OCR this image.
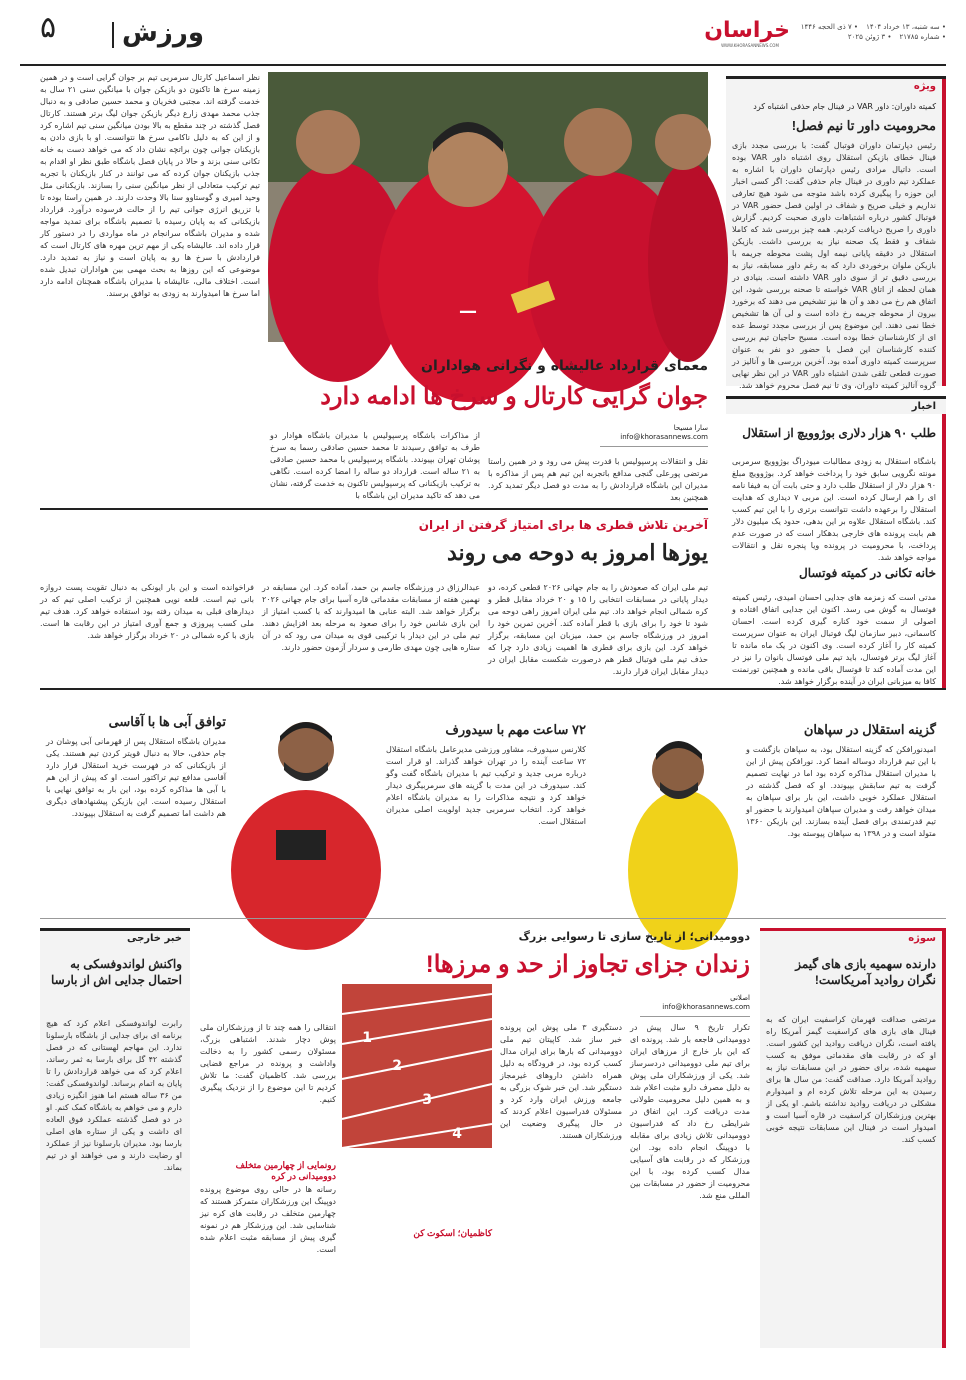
۵	ورزش	خراسان
WWW.KHORASANNEWS.COM
• سه شنبه، ۱۳ خرداد ۱۴۰۴
• ۷ ذی الحجه ۱۴۴۶
• شماره ۲۱۷۸۵
• ۳ ژوئن ۲۰۲۵
ویژه
کمیته داوران: داور VAR در فینال جام حذفی اشتباه کرد
محرومیت داور تا نیم فصل!
رئیس دپارتمان داوران فوتبال گفت: با بررسی مجدد بازی فینال خطای بازیکن استقلال روی اشتباه داور VAR بوده است. داتیال مرادی رئیس دپارتمان داوران با اشاره به عملکرد تیم داوری در فینال جام حذفی گفت: اگر کسی اخبار این حوزه را پیگیری کرده باشد متوجه می شود هیچ تعارفی نداریم و خیلی صریح و شفاف در اولین فصل حضور VAR در فوتبال کشور درباره اشتباهات داوری صحبت کردیم. گزارش داوری را صریح دریافت کردیم. همه چیز بررسی شد که کاملا شفاف و فقط یک صحنه نیاز به بررسی داشت. بازیکن استقلال در دقیقه پایانی نیمه اول پشت محوطه جریمه با بازیکن ملوان برخوردی دارد که به رغم داور مسابقه، نیاز به بررسی دقیق تر از سوی داور VAR داشته است. بنیادی در همان لحظه از اتاق VAR خواسته تا صحنه بررسی شود، این اتفاق هم رخ می دهد و آن ها نیز تشخیص می دهند که برخورد بیرون از محوطه جریمه رخ داده است و لی آن ها تشخیص خطا نمی دهند. این موضوع پس از بررسی مجدد توسط عده ای از کارشناسان خطا بوده است. مسیح حاجیان تیم بررسی کننده کارشناسان این فصل با حضور دو نفر به عنوان سرپرست کمیته داوری آمده بود. آخرین بررسی ها و آنالیز در صورت قطعی تلقی شدن اشتباه داور VAR در این نظر نهایی گروه آنالیز کمیته داوران، وی تا نیم فصل محروم خواهد شد.
اخبار
طلب ۹۰ هزار دلاری بوژوویچ از استقلال
باشگاه استقلال به زودی مطالبات میودراگ بوژوویچ سرمربی مونته نگرویی سابق خود را پرداخت خواهد کرد. بوژوویچ مبلغ ۹۰ هزار دلار از استقلال طلب دارد و حتی بابت آن به فیفا نامه ای را هم ارسال کرده است. این مربی ۷ دیداری که هدایت استقلال را برعهده داشت نتوانست برتری را با این تیم کسب کند. باشگاه استقلال علاوه بر این بدهی، حدود یک میلیون دلار هم بابت پرونده های خارجی بدهکار است که در صورت عدم پرداخت، با محرومیت در پرونده ویا پنجره نقل و انتقالات مواجه خواهد شد.
خانه تکانی در کمیته فوتسال
مدتی است که زمزمه های جدایی احسان امیدی، رئیس کمیته فوتسال به گوش می رسد. اکنون این جدایی اتفاق افتاده و اصولی از سمت خود کناره گیری کرده است. احسان کاسمانی، دبیر سازمان لیگ فوتبال ایران به عنوان سرپرست کمیته کار را آغاز کرده است. وی اکنون در یک ماه مانده تا آغاز لیگ برتر فوتسال، باید تیم ملی فوتسال بانوان را نیز در این مدت آماده کند تا فوتسال باقی مانده و همچنین تورنمنت کافا به میزبانی ایران در آینده برگزار خواهد شد.
—
معمای قرارداد عالیشاه و نگرانی هواداران
جوان گرایی کارتال و سرخ ها ادامه دارد
سارا مسیحا
info@khorasannews.com
نقل و انتقالات پرسپولیس با قدرت پیش می رود و در همین راستا مرتضی پورعلی گنجی مدافع باتجربه این تیم هم پس از مذاکره با مدیران این باشگاه قراردادش را به مدت دو فصل دیگر تمدید کرد. همچنین بعد
از مذاکرات باشگاه پرسپولیس با مدیران باشگاه هوادار دو طرف به توافق رسیدند تا محمد حسین صادقی رسما به سرخ پوشان تهران بپیوندد. باشگاه پرسپولیس با محمد حسین صادقی به ۲۱ ساله است. قرارداد دو ساله را امضا کرده است. نگاهی به ترکیب بازیکنانی که پرسپولیس تاکنون به خدمت گرفته، نشان می دهد که تاکید مدیران این باشگاه با
نظر اسماعیل کارتال سرمربی تیم بر جوان گرایی است و در همین زمینه سرخ ها تاکنون دو بازیکن جوان با میانگین سنی ۲۱ سال به خدمت گرفته اند. مجتبی فخریان و محمد حسین صادقی و به دنبال جذب محمد مهدی زارع دیگر بازیکن جوان لیگ برتر هستند. کارتال فصل گذشته در چند مقطع به بالا بودن میانگین سنی تیم اشاره کرد و از این که به دلیل ناکامی سرخ ها نتوانست. او با بازی دادن به بازیکنان جوانی چون براتچه نشان داد که می خواهد دست به خانه تکانی سنی بزند و حالا در پایان فصل باشگاه طبق نظر او اقدام به جذب بازیکنان جوان کرده که می توانند در کنار بازیکنان با تجربه تیم ترکیب متعادلی از نظر میانگین سنی را بسازند. بازیکنانی مثل وحید امیری و گوستاوو سنا بالا وحدت دارند. در همین راستا بوده تا با تزریق انرژی جوانی تیم را از حالت فرسوده درآورد. قرارداد بازیکنانی که به پایان رسیده با تصمیم باشگاه برای تمدید مواجه شده و مدیران باشگاه سرانجام در ماه مواردی را در دستور کار قرار داده اند. عالیشاه یکی از مهم ترین مهره های کارتال است که قراردادش با سرخ ها رو به پایان است و نیاز به تمدید دارد. موضوعی که این روزها به بحث مهمی بین هواداران تبدیل شده است. اختلاف مالی، عالیشاه با مدیران باشگاه همچنان ادامه دارد اما سرخ ها امیدوارند به زودی به توافق برسند.
آخرین تلاش قطری ها برای امتیاز گرفتن از ایران
یوزها امروز به دوحه می روند
تیم ملی ایران که صعودش را به جام جهانی ۲۰۲۶ قطعی کرده، دو دیدار پایانی در مسابقات انتخابی را ۱۵ و ۲۰ خرداد مقابل قطر و کره شمالی انجام خواهد داد. تیم ملی ایران امروز راهی دوحه می شود تا خود را برای بازی با قطر آماده کند. آخرین تمرین خود را امروز در ورزشگاه جاسم بن حمد، میزبان این مسابقه، برگزار خواهد کرد. این بازی برای قطری ها اهمیت زیادی دارد چرا که حذف تیم ملی فوتبال قطر هم درصورت شکست مقابل ایران در دیدار مقابل ایران قرار دارند.
عبدالرزاق در ورزشگاه جاسم بن حمد، آماده کرد. این مسابقه در نهمین هفته از مسابقات مقدماتی قاره آسیا برای جام جهانی ۲۰۲۶ برگزار خواهد شد. البته عنابی ها امیدوارند که با کسب امتیاز از این بازی شانس خود را برای صعود به مرحله بعد افزایش دهند. تیم ملی در این دیدار با ترکیبی قوی به میدان می رود که در آن ستاره هایی چون مهدی طارمی و سردار آزمون حضور دارند.
فراخوانده است و این بار ایونکی به دنبال تقویت پست دروازه بانی تیم است. قلعه نویی همچنین از ترکیب اصلی تیم که در دیدارهای قبلی به میدان رفته بود استفاده خواهد کرد. هدف تیم ملی کسب پیروزی و جمع آوری امتیاز در این رقابت ها است. بازی با کره شمالی در ۲۰ خرداد برگزار خواهد شد.
گزینه استقلال در سپاهان
امیدنورافکن که گزینه استقلال بود، به سپاهان بازگشت و با این تیم قرارداد دوساله امضا کرد. نورافکن پیش از این با مدیران استقلال مذاکره کرده بود اما در نهایت تصمیم گرفت به تیم سابقش بپیوندد. او که فصل گذشته در استقلال عملکرد خوبی داشت، این بار برای سپاهان به میدان خواهد رفت و مدیران سپاهان امیدوارند با حضور او تیم قدرتمندی برای فصل آینده بسازند. این بازیکن ۱۳۶۰ متولد است و در ۱۳۹۸ به سپاهان پیوسته بود.
۷۲ ساعت مهم با سیدورف
کلارنس سیدورف، مشاور ورزشی مدیرعامل باشگاه استقلال ۷۲ ساعت آینده را در تهران خواهد گذراند. او قرار است درباره مربی جدید و ترکیب تیم با مدیران باشگاه گفت وگو کند. سیدورف در این مدت با گزینه های سرمربیگری دیدار خواهد کرد و نتیجه مذاکرات را به مدیران باشگاه اعلام خواهد کرد. انتخاب سرمربی جدید اولویت اصلی مدیران استقلال است.
توافق آبی ها با آقاسی
مدیران باشگاه استقلال پس از قهرمانی آبی پوشان در جام حذفی، حالا به دنبال قویتر کردن تیم هستند. یکی از بازیکنانی که در فهرست خرید استقلال قرار دارد آقاسی مدافع تیم تراکتور است. او که پیش از این هم با آبی ها مذاکره کرده بود، این بار به توافق نهایی با استقلال رسیده است. این بازیکن پیشنهادهای دیگری هم داشت اما تصمیم گرفت به استقلال بپیوندد.
سوژه
دارنده سهمیه بازی های گیمز نگران روادید آمریکاست!
مرتضی صداقت قهرمان کراسفیت ایران که به فینال های بازی های کراسفیت گیمز آمریکا راه یافته است، نگران دریافت روادید این کشور است. او که در رقابت های مقدماتی موفق به کسب سهمیه شده، برای حضور در این مسابقات نیاز به روادید آمریکا دارد. صداقت گفت: من سال ها برای رسیدن به این مرحله تلاش کرده ام و امیدوارم مشکلی در دریافت روادید نداشته باشم. او یکی از بهترین ورزشکاران کراسفیت در قاره آسیا است و امیدوار است در فینال این مسابقات نتیجه خوبی کسب کند.
دوومیدانی؛ از تاریخ سازی تا رسوایی بزرگ
زندان جزای تجاوز از حد و مرزها!
اصلانی
info@khorasannews.com
تکرار تاریخ ۹ سال پیش در دوومیدانی فاجعه بار شد. پرونده ای که این بار خارج از مرزهای ایران برای تیم ملی دوومیدانی دردسرساز شد. یکی از ورزشکاران ملی پوش به دلیل مصرف دارو مثبت اعلام شد و به همین دلیل محرومیت طولانی مدت دریافت کرد. این اتفاق در شرایطی رخ داد که فدراسیون دوومیدانی تلاش زیادی برای مقابله با دوپینگ انجام داده بود. این ورزشکار که در رقابت های آسیایی مدال کسب کرده بود، با این محرومیت از حضور در مسابقات بین المللی منع شد.
دستگیری ۳ ملی پوش این پرونده خبر ساز شد. کاپیتان تیم ملی دوومیدانی که بارها برای ایران مدال کسب کرده بود، در فرودگاه به دلیل همراه داشتن داروهای غیرمجاز دستگیر شد. این خبر شوک بزرگی به جامعه ورزش ایران وارد کرد و مسئولان فدراسیون اعلام کردند که در حال پیگیری وضعیت این ورزشکاران هستند.
1
2
3
4
کاظمیان؛ اسکوت کن
انتقالی را همه چند تا از ورزشکاران ملی پوش دچار شدند. اشتباهی بزرگ، مسئولان رسمی کشور را به دخالت واداشت و پرونده در مراجع قضایی بررسی شد. کاظمیان گفت: ما تلاش کردیم تا این موضوع را از نزدیک پیگیری کنیم.
رونمایی از چهارمین متخلف دوومیدانی در کره
رسانه ها در حالی روی موضوع پرونده دوپینگ این ورزشکاران متمرکز هستند که چهارمین متخلف در رقابت های کره نیز شناسایی شد. این ورزشکار هم در نمونه گیری پیش از مسابقه مثبت اعلام شده است.
خبر خارجی
واکنش لواندوفسکی به احتمال جدایی اش از بارسا
رابرت لواندوفسکی اعلام کرد که هیچ برنامه ای برای جدایی از باشگاه بارسلونا ندارد. این مهاجم لهستانی که در فصل گذشته ۴۲ گل برای بارسا به ثمر رساند، اعلام کرد که می خواهد قراردادش را تا پایان به اتمام برساند. لواندوفسکی گفت: من ۳۶ ساله هستم اما هنوز انگیزه زیادی دارم و می خواهم به باشگاه کمک کنم. او در دو فصل گذشته عملکرد فوق العاده ای داشت و یکی از ستاره های اصلی بارسا بود. مدیران بارسلونا نیز از عملکرد او رضایت دارند و می خواهند او در تیم بماند.
